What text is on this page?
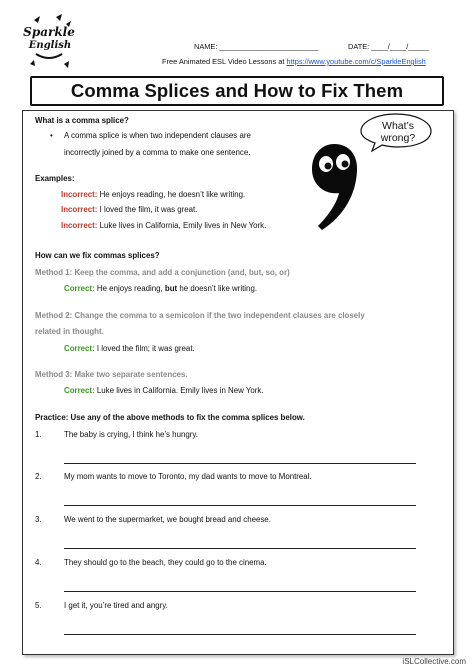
Sparkle
English	NAME: ________________________	DATE: ____/____/_____
Free Animated ESL Video Lessons at https://www.youtube.com/c/SparkleEnglish
Comma Splices and How to Fix Them
What’s
wrong?
What is a comma splice?
• A comma splice is when two independent clauses are
incorrectly joined by a comma to make one sentence.
Examples:
Incorrect: He enjoys reading, he doesn’t like writing.
Incorrect: I loved the film, it was great.
Incorrect: Luke lives in California, Emily lives in New York.
How can we fix commas splices?
Method 1: Keep the comma, and add a conjunction (and, but, so, or)
Correct: He enjoys reading, but he doesn’t like writing.
Method 2: Change the comma to a semicolon if the two independent clauses are closely
related in thought.
Correct: I loved the film; it was great.
Method 3: Make two separate sentences.
Correct: Luke lives in California. Emily lives in New York.
Practice: Use any of the above methods to fix the comma splices below.
1.	The baby is crying, I think he’s hungry.
2.	My mom wants to move to Toronto, my dad wants to move to Montreal.
3.	We went to the supermarket, we bought bread and cheese.
4.	They should go to the beach, they could go to the cinema.
5.	I get it, you’re tired and angry.
iSLCollective.com
